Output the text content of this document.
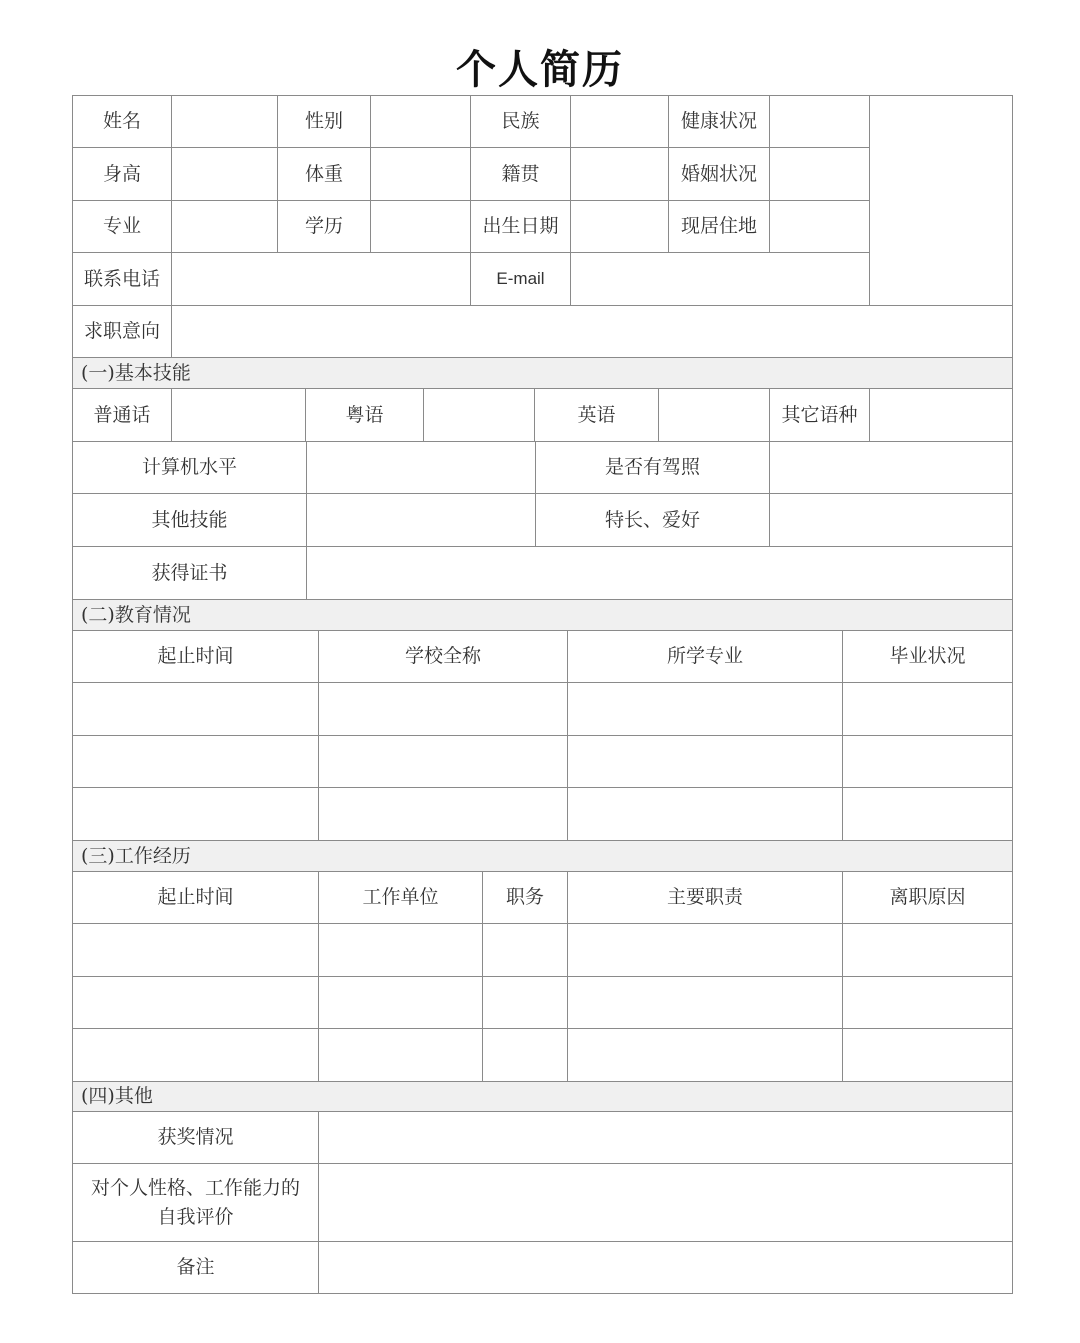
个人简历
姓名	性别	民族	健康状况
身高	体重	籍贯	婚姻状况
专业	学历	出生日期	现居住地
联系电话	E-mail
求职意向
(一)基本技能
普通话	粤语	英语	其它语种
计算机水平	是否有驾照
其他技能	特长、爱好
获得证书
(二)教育情况
起止时间	学校全称	所学专业	毕业状况
(三)工作经历
起止时间	工作单位	职务	主要职责	离职原因
(四)其他
获奖情况
对个人性格、工作能力的自我评价
备注
